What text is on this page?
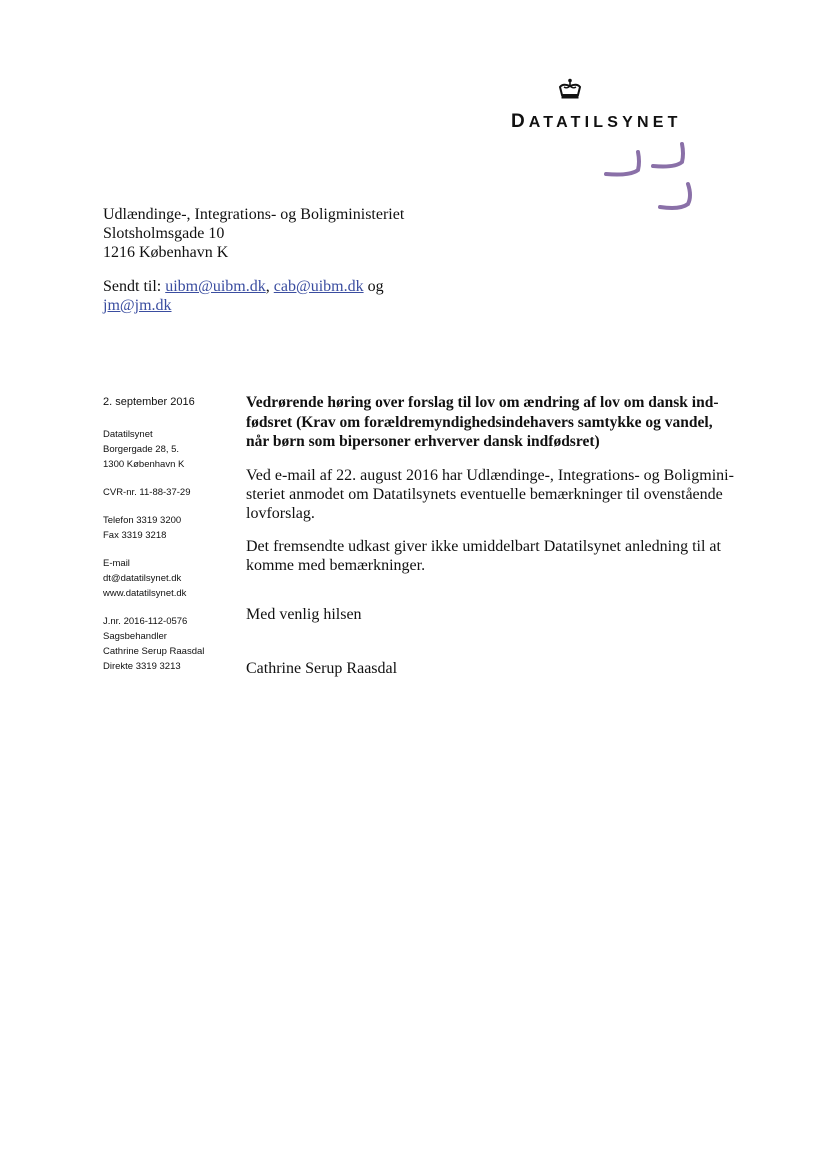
DATATILSYNET
Udlændinge-, Integrations- og Boligministeriet
Slotsholmsgade 10
1216 København K
Sendt til: uibm@uibm.dk, cab@uibm.dk og
jm@jm.dk
2. september 2016
Datatilsynet
Borgergade 28, 5.
1300 København K
CVR-nr. 11-88-37-29
Telefon 3319 3200
Fax 3319 3218
E-mail
dt@datatilsynet.dk
www.datatilsynet.dk
J.nr. 2016-112-0576
Sagsbehandler
Cathrine Serup Raasdal
Direkte 3319 3213
Vedrørende høring over forslag til lov om ændring af lov om dansk ind-
fødsret (Krav om forældremyndighedsindehavers samtykke og vandel,
når børn som bipersoner erhverver dansk indfødsret)
Ved e-mail af 22. august 2016 har Udlændinge-, Integrations- og Boligmini-
steriet anmodet om Datatilsynets eventuelle bemærkninger til ovenstående
lovforslag.
Det fremsendte udkast giver ikke umiddelbart Datatilsynet anledning til at
komme med bemærkninger.
Med venlig hilsen
Cathrine Serup Raasdal
